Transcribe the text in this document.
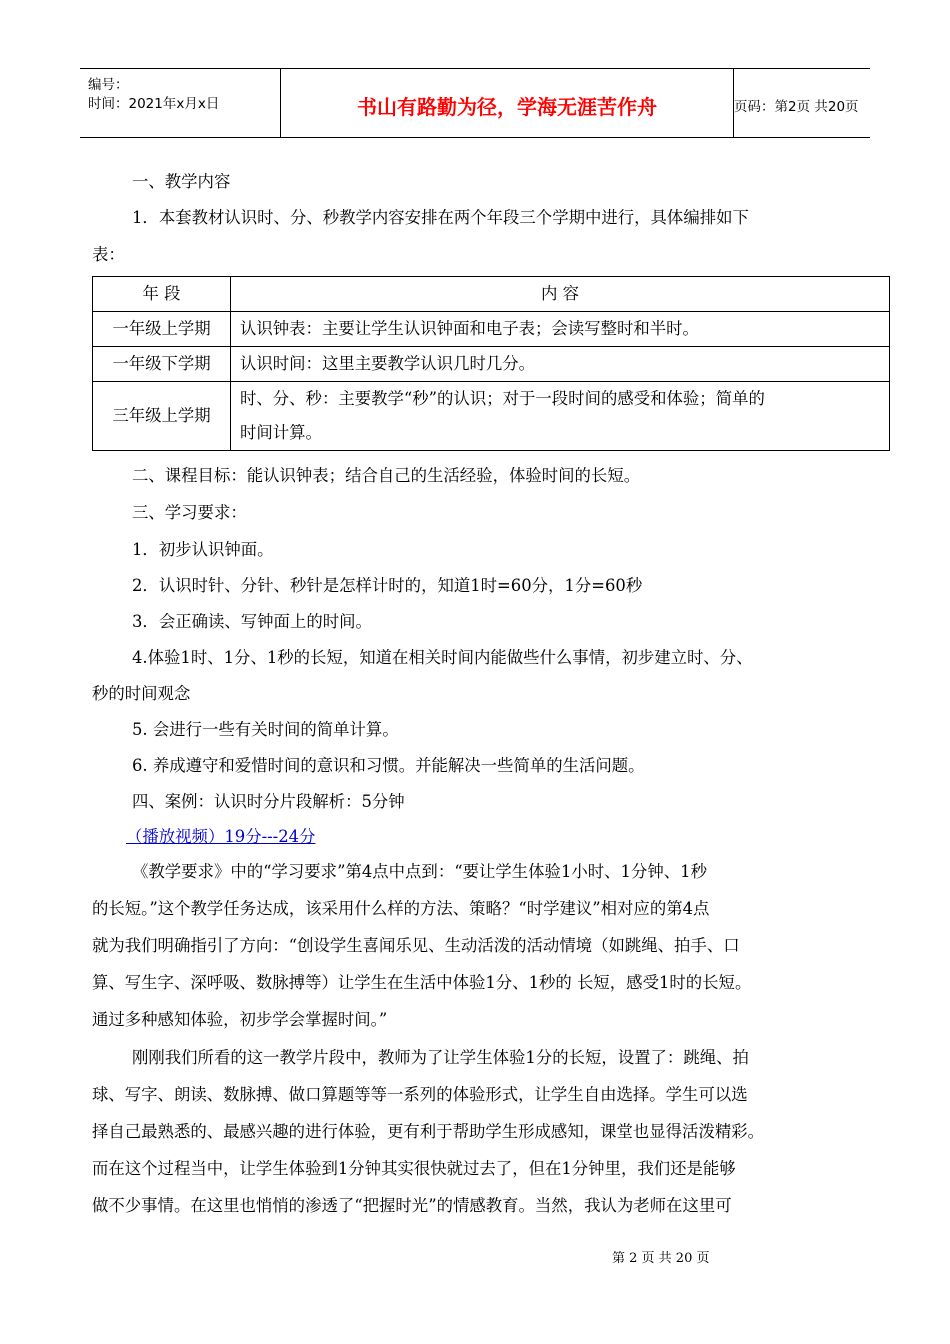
编号：
时间：2021年x月x日	书山有路勤为径，学海无涯苦作舟	页码：第2页 共20页
一、教学内容
1．本套教材认识时、分、秒教学内容安排在两个年段三个学期中进行，具体编排如下
表：
年 段	内 容
一年级上学期	认识钟表：主要让学生认识钟面和电子表；会读写整时和半时。
一年级下学期	认识时间：这里主要教学认识几时几分。
三年级上学期	时、分、秒：主要教学“秒”的认识；对于一段时间的感受和体验；简单的
时间计算。
二、课程目标：能认识钟表；结合自己的生活经验，体验时间的长短。
三、学习要求：
1．初步认识钟面。
2．认识时针、分针、秒针是怎样计时的，知道1时=60分，1分=60秒
3．会正确读、写钟面上的时间。
4.体验1时、1分、1秒的长短，知道在相关时间内能做些什么事情，初步建立时、分、
秒的时间观念
5. 会进行一些有关时间的简单计算。
6. 养成遵守和爱惜时间的意识和习惯。并能解决一些简单的生活问题。
四、案例：认识时分片段解析：5分钟
（播放视频）19分---24分
《教学要求》中的“学习要求”第4点中点到：“要让学生体验1小时、1分钟、1秒
的长短。”这个教学任务达成，该采用什么样的方法、策略？“时学建议”相对应的第4点
就为我们明确指引了方向：“创设学生喜闻乐见、生动活泼的活动情境（如跳绳、拍手、口
算、写生字、深呼吸、数脉搏等）让学生在生活中体验1分、1秒的 长短，感受1时的长短。
通过多种感知体验，初步学会掌握时间。”
刚刚我们所看的这一教学片段中，教师为了让学生体验1分的长短，设置了：跳绳、拍
球、写字、朗读、数脉搏、做口算题等等一系列的体验形式，让学生自由选择。学生可以选
择自己最熟悉的、最感兴趣的进行体验，更有利于帮助学生形成感知，课堂也显得活泼精彩。
而在这个过程当中，让学生体验到1分钟其实很快就过去了，但在1分钟里，我们还是能够
做不少事情。在这里也悄悄的渗透了“把握时光”的情感教育。当然，我认为老师在这里可
第 2 页 共 20 页
